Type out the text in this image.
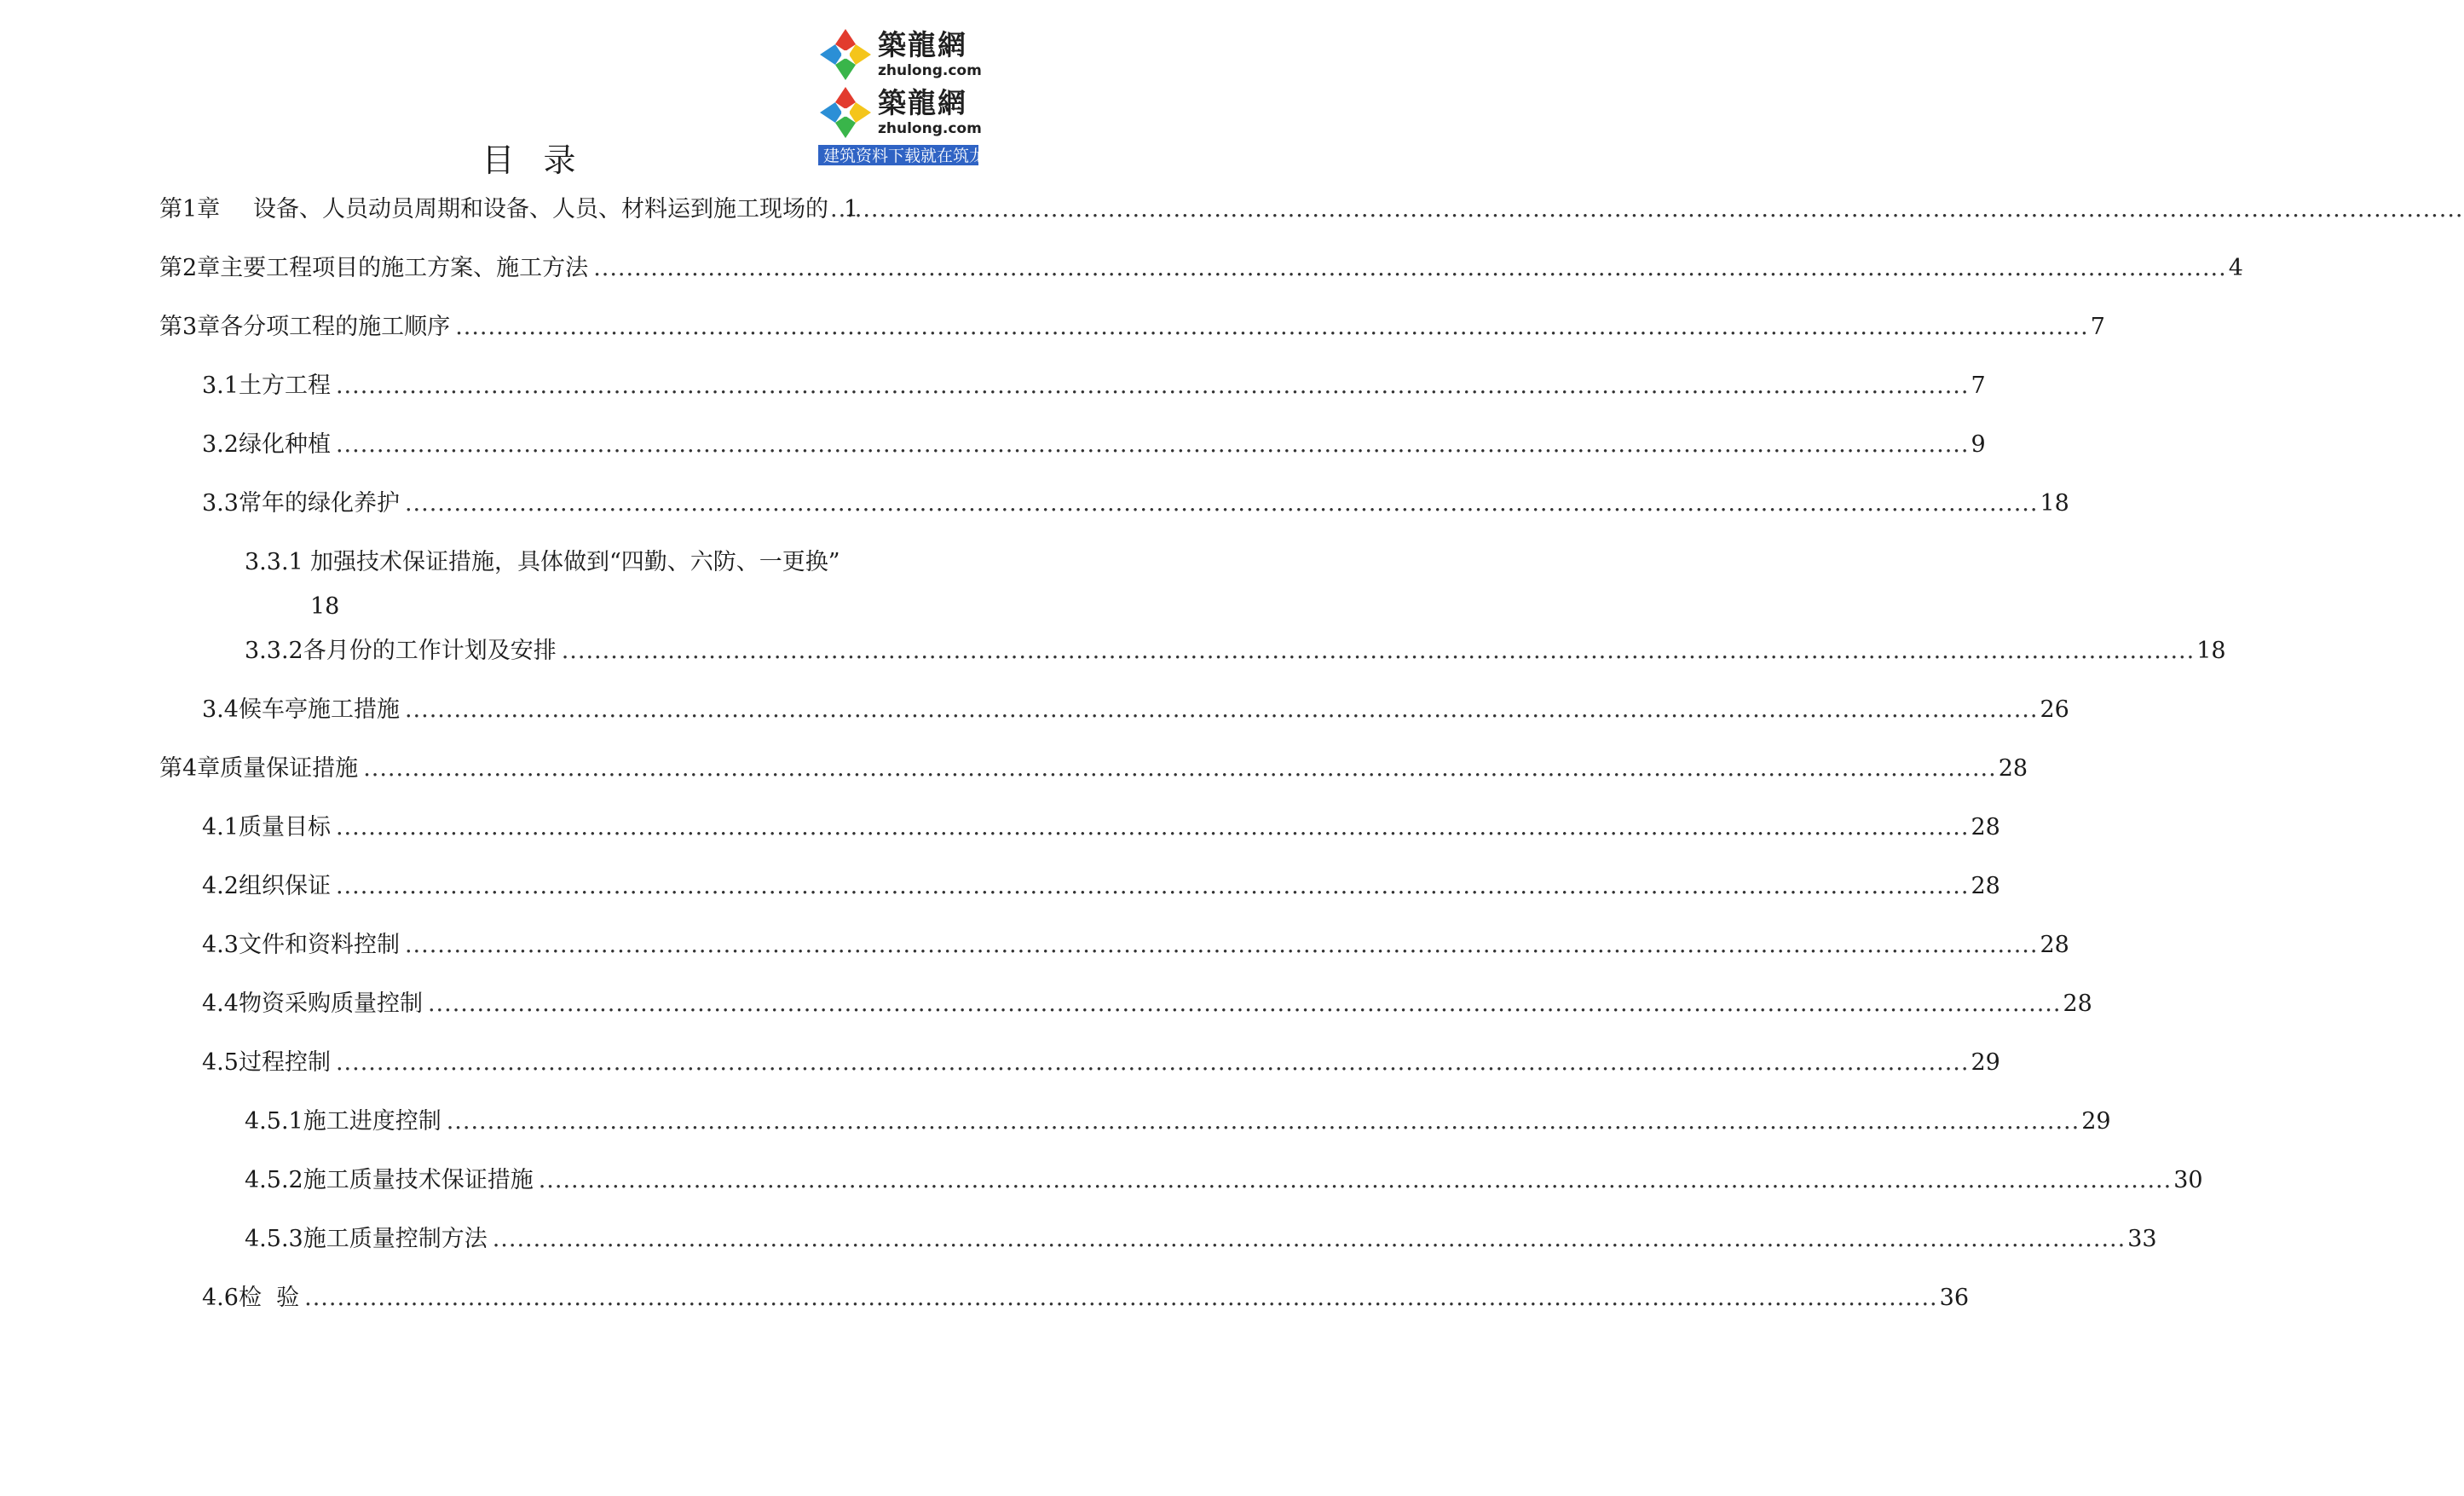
築龍網
zhulong.com
築龍網
zhulong.com
建筑资料下载就在筑龙网
目录
第1章	设备、人员动员周期和设备、人员、材料运到施工现场的 ..... 1
第2章 主要工程项目的施工方案、施工方法 .....	4
第3章 各分项工程的施工顺序 .....	7
3.1 土方工程 .....	7
3.2 绿化种植 .....	9
3.3 常年的绿化养护 .....	18
3.3.1 加强技术保证措施，具体做到“四勤、六防、一更换”
18
3.3.2 各月份的工作计划及安排 .....	18
3.4 候车亭施工措施 .....	26
第4章 质量保证措施 .....	28
4.1 质量目标 .....	28
4.2 组织保证 .....	28
4.3 文件和资料控制 .....	28
4.4 物资采购质量控制 .....	28
4.5 过程控制 .....	29
4.5.1 施工进度控制 .....	29
4.5.2 施工质量技术保证措施 .....	30
4.5.3 施工质量控制方法 .....	33
4.6 检  验 .....	36
